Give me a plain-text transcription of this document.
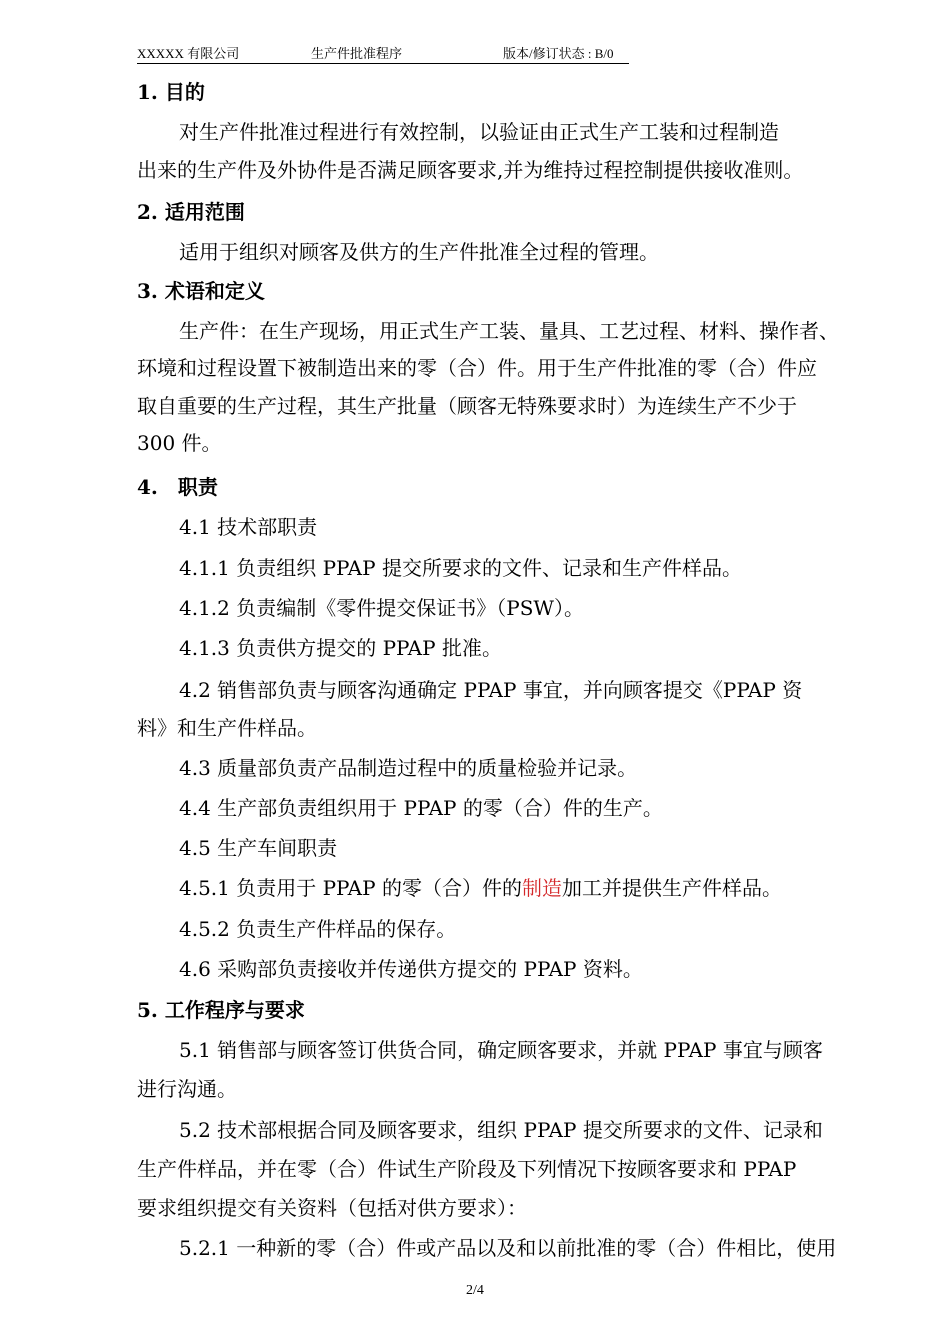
XXXXX 有限公司	生产件批准程序	版本/修订状态 : B/0
1. 目的
对生产件批准过程进行有效控制，以验证由正式生产工装和过程制造
出来的生产件及外协件是否满足顾客要求,并为维持过程控制提供接收准则。
2. 适用范围
适用于组织对顾客及供方的生产件批准全过程的管理。
3. 术语和定义
生产件：在生产现场，用正式生产工装、量具、工艺过程、材料、操作者、
环境和过程设置下被制造出来的零（合）件。用于生产件批准的零（合）件应
取自重要的生产过程，其生产批量（顾客无特殊要求时）为连续生产不少于
300 件。
4.　职责
4.1 技术部职责
4.1.1 负责组织 PPAP 提交所要求的文件、记录和生产件样品。
4.1.2 负责编制《零件提交保证书》（PSW）。
4.1.3 负责供方提交的 PPAP 批准。
4.2 销售部负责与顾客沟通确定 PPAP 事宜，并向顾客提交《PPAP 资
料》和生产件样品。
4.3 质量部负责产品制造过程中的质量检验并记录。
4.4 生产部负责组织用于 PPAP 的零（合）件的生产。
4.5 生产车间职责
4.5.1 负责用于 PPAP 的零（合）件的制造加工并提供生产件样品。
4.5.2 负责生产件样品的保存。
4.6 采购部负责接收并传递供方提交的 PPAP 资料。
5. 工作程序与要求
5.1 销售部与顾客签订供货合同，确定顾客要求，并就 PPAP 事宜与顾客
进行沟通。
5.2 技术部根据合同及顾客要求，组织 PPAP 提交所要求的文件、记录和
生产件样品，并在零（合）件试生产阶段及下列情况下按顾客要求和 PPAP
要求组织提交有关资料（包括对供方要求）：
5.2.1 一种新的零（合）件或产品以及和以前批准的零（合）件相比，使用
2/4
